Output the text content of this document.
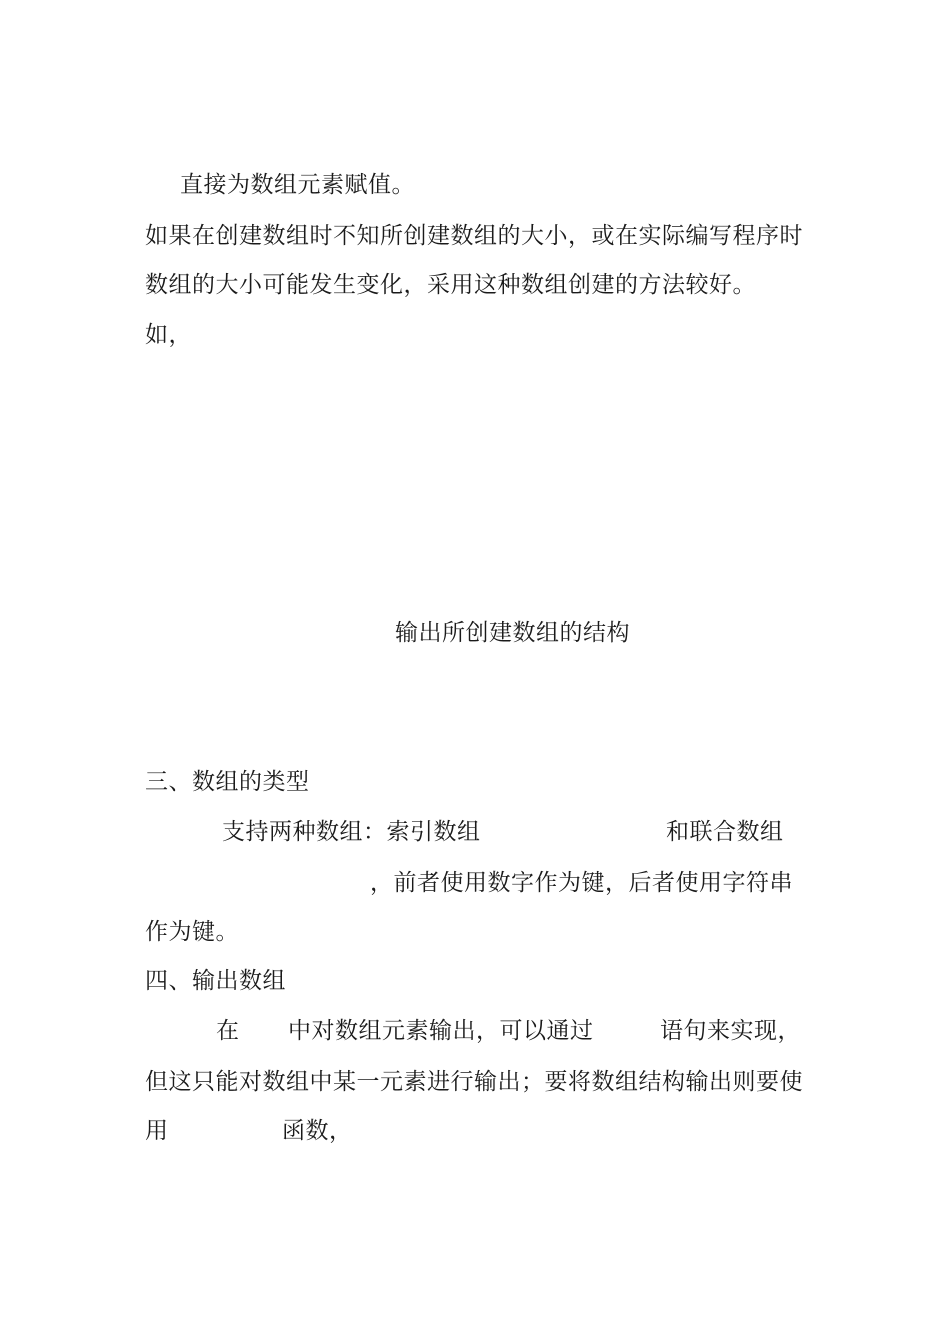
直接为数组元素赋值。
如果在创建数组时不知所创建数组的大小，或在实际编写程序时
数组的大小可能发生变化，采用这种数组创建的方法较好。
如，
输出所创建数组的结构
三、数组的类型
支持两种数组：索引数组	和联合数组
，前者使用数字作为键，后者使用字符串
作为键。
四、输出数组
在 中对数组元素输出，可以通过	语句来实现，
但这只能对数组中某一元素进行输出；要将数组结构输出则要使
用	函数，
